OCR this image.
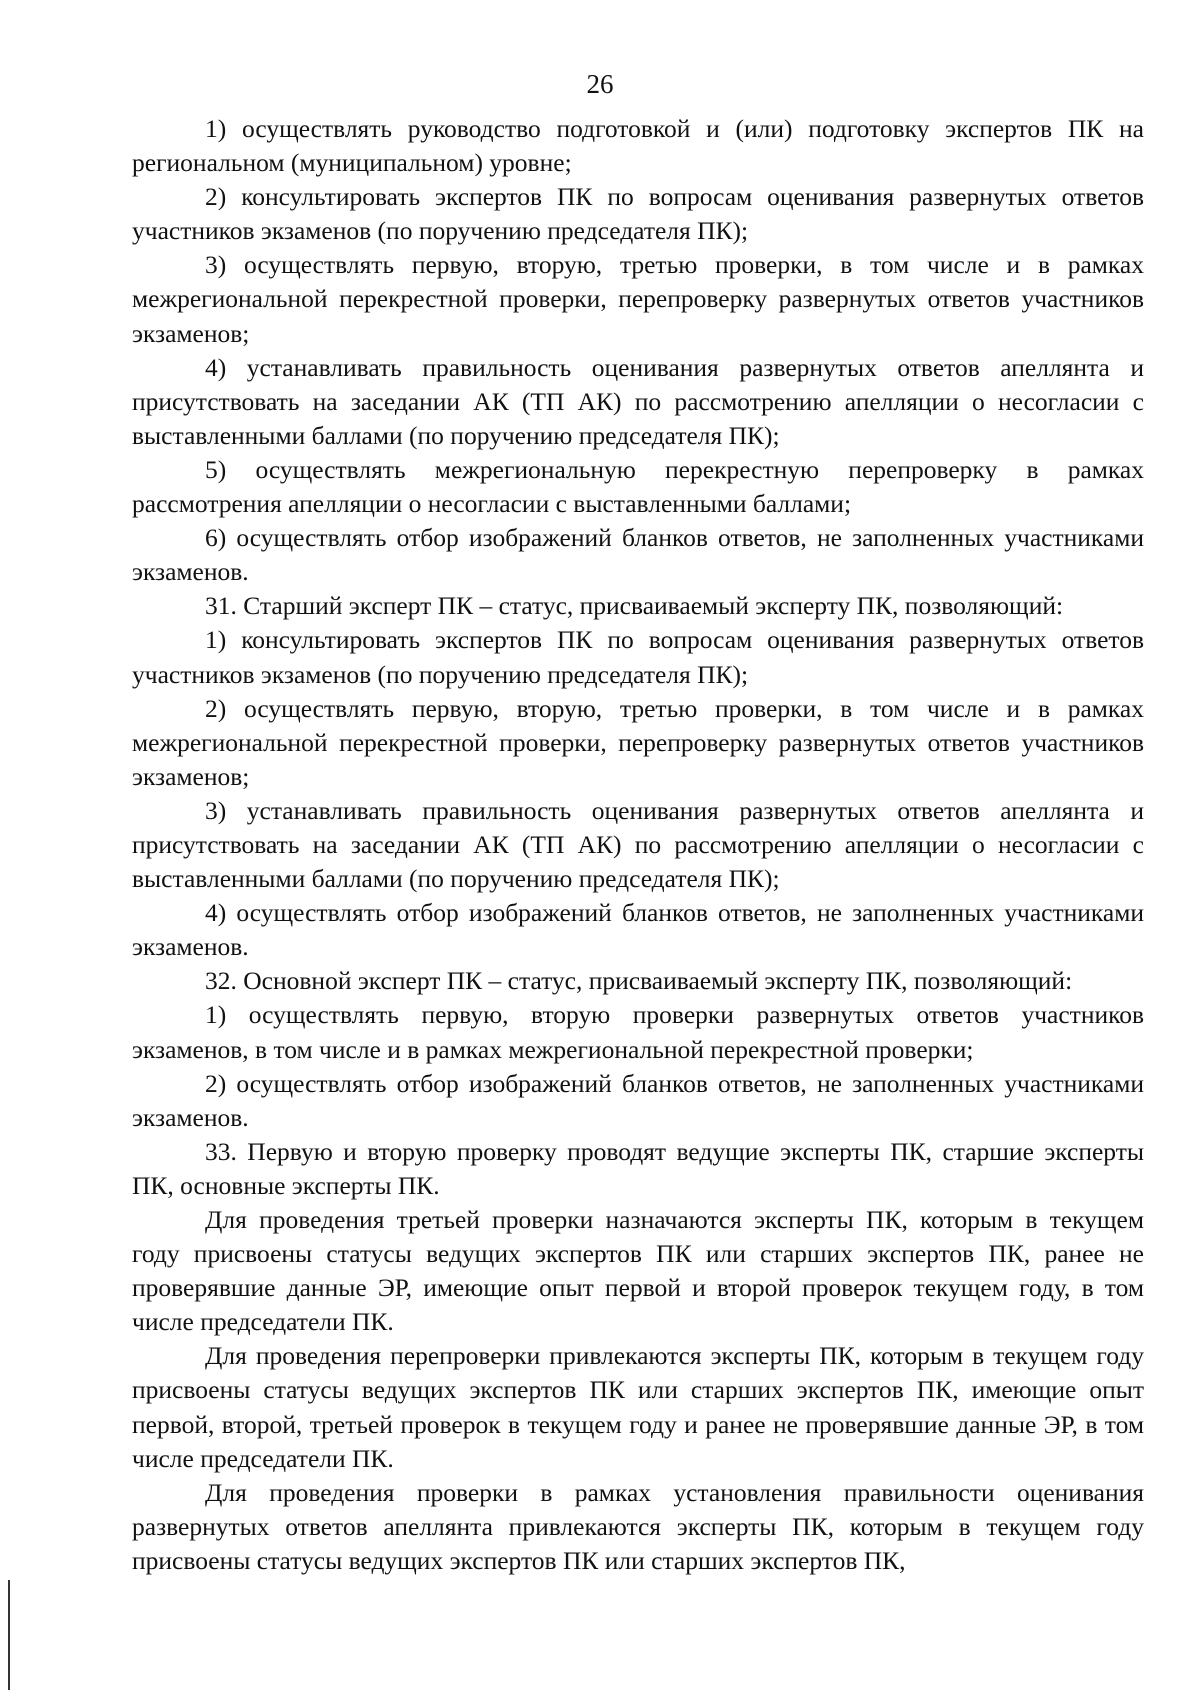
26

1) осуществлять руководство подготовкой и (или) подготовку экспертов ПК на региональном (муниципальном) уровне;

2) консультировать экспертов ПК по вопросам оценивания развернутых ответов участников экзаменов (по поручению председателя ПК);

3) осуществлять первую, вторую, третью проверки, в том числе и в рамках межрегиональной перекрестной проверки, перепроверку развернутых ответов участников экзаменов;

4) устанавливать правильность оценивания развернутых ответов апеллянта и присутствовать на заседании АК (ТП АК) по рассмотрению апелляции о несогласии с выставленными баллами (по поручению председателя ПК);

5) осуществлять межрегиональную перекрестную перепроверку в рамках рассмотрения апелляции о несогласии с выставленными баллами;

6) осуществлять отбор изображений бланков ответов, не заполненных участниками экзаменов.

31. Старший эксперт ПК – статус, присваиваемый эксперту ПК, позволяющий:

1) консультировать экспертов ПК по вопросам оценивания развернутых ответов участников экзаменов (по поручению председателя ПК);

2) осуществлять первую, вторую, третью проверки, в том числе и в рамках межрегиональной перекрестной проверки, перепроверку развернутых ответов участников экзаменов;

3) устанавливать правильность оценивания развернутых ответов апеллянта и присутствовать на заседании АК (ТП АК) по рассмотрению апелляции о несогласии с выставленными баллами (по поручению председателя ПК);

4) осуществлять отбор изображений бланков ответов, не заполненных участниками экзаменов.

32. Основной эксперт ПК – статус, присваиваемый эксперту ПК, позволяющий:

1) осуществлять первую, вторую проверки развернутых ответов участников экзаменов, в том числе и в рамках межрегиональной перекрестной проверки;

2) осуществлять отбор изображений бланков ответов, не заполненных участниками экзаменов.

33. Первую и вторую проверку проводят ведущие эксперты ПК, старшие эксперты ПК, основные эксперты ПК.

Для проведения третьей проверки назначаются эксперты ПК, которым в текущем году присвоены статусы ведущих экспертов ПК или старших экспертов ПК, ранее не проверявшие данные ЭР, имеющие опыт первой и второй проверок текущем году, в том числе председатели ПК.

Для проведения перепроверки привлекаются эксперты ПК, которым в текущем году присвоены статусы ведущих экспертов ПК или старших экспертов ПК, имеющие опыт первой, второй, третьей проверок в текущем году и ранее не проверявшие данные ЭР, в том числе председатели ПК.

Для проведения проверки в рамках установления правильности оценивания развернутых ответов апеллянта привлекаются эксперты ПК, которым в текущем году присвоены статусы ведущих экспертов ПК или старших экспертов ПК,
